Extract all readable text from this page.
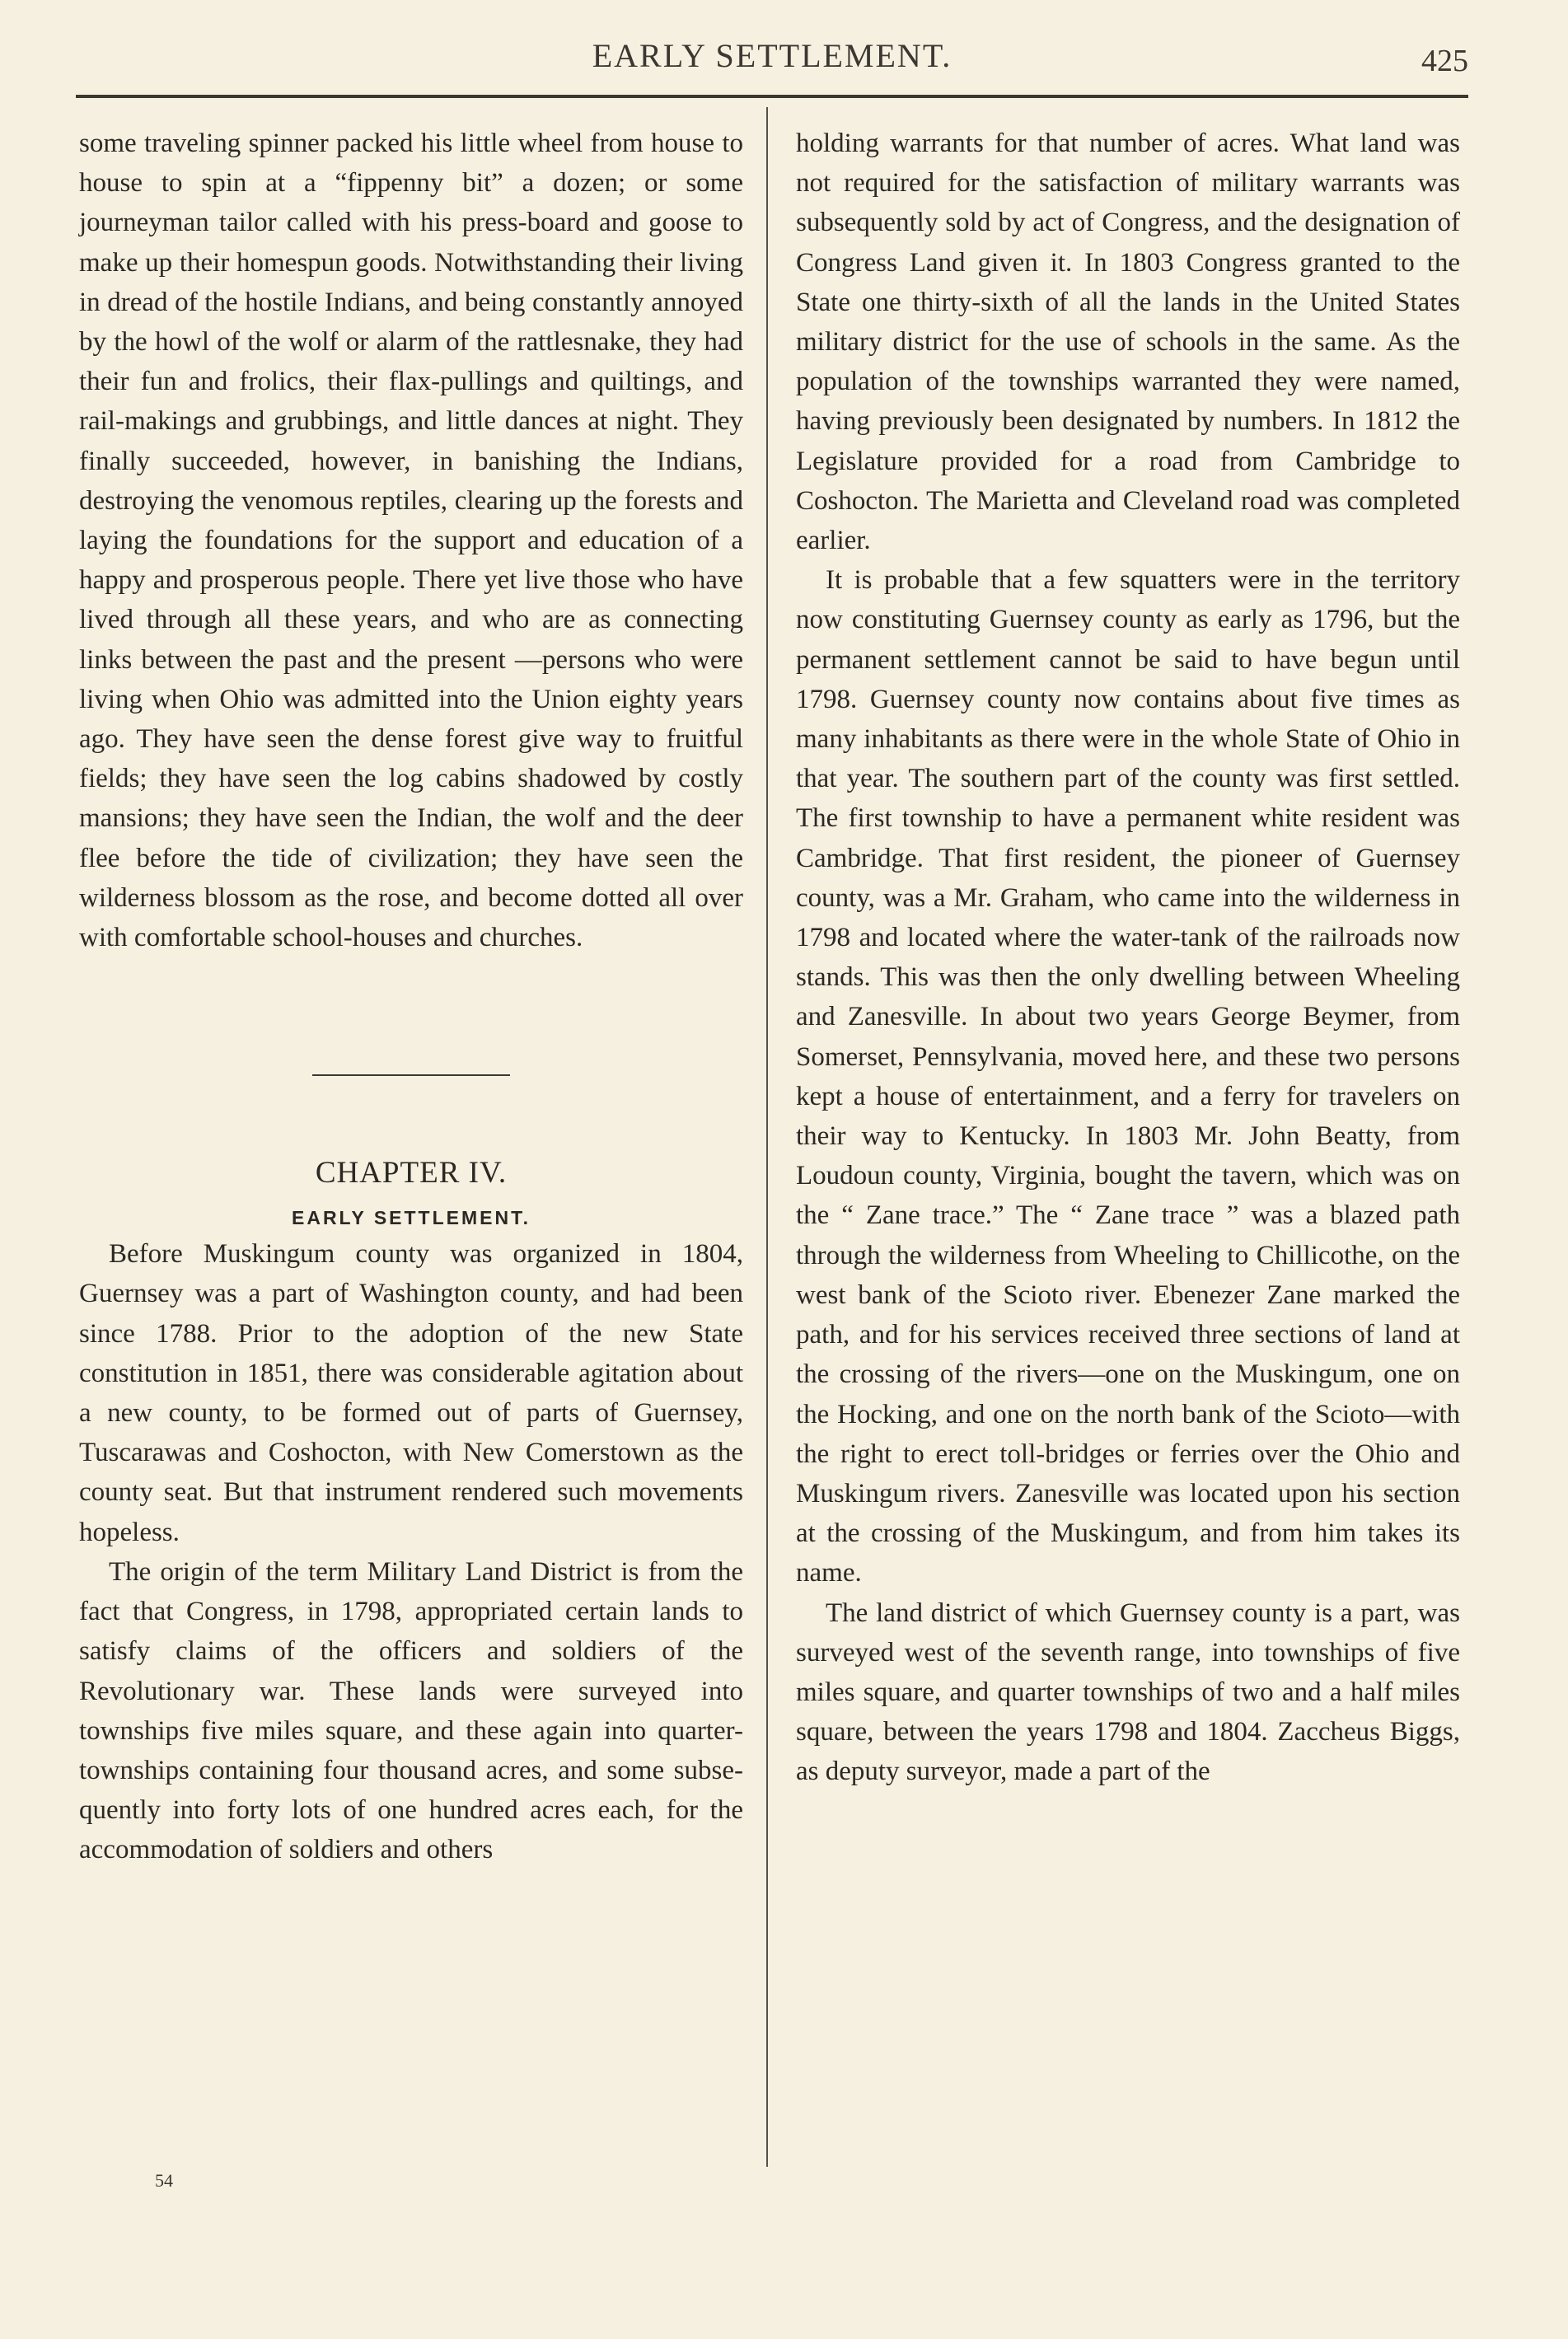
EARLY SETTLEMENT.	425

some traveling spinner packed his little wheel from house to house to spin at a “fippenny bit” a dozen; or some journeyman tailor called with his press-board and goose to make up their homespun goods. Notwithstanding their living in dread of the hostile Indians, and being constantly annoyed by the howl of the wolf or alarm of the rattlesnake, they had their fun and frolics, their flax-pullings and quiltings, and rail-makings and grubbings, and little dances at night. They finally succeeded, however, in banishing the Indians, destroying the venomous reptiles, clearing up the forests and laying the foundations for the support and education of a happy and prosperous people. There yet live those who have lived through all these years, and who are as connecting links between the past and the present —persons who were living when Ohio was admitted into the Union eighty years ago. They have seen the dense forest give way to fruitful fields; they have seen the log cabins shadowed by costly mansions; they have seen the Indian, the wolf and the deer flee before the tide of civilization; they have seen the wilderness blossom as the rose, and become dotted all over with comfortable school-houses and churches.

CHAPTER IV.
EARLY SETTLEMENT.

Before Muskingum county was organized in 1804, Guernsey was a part of Washington county, and had been since 1788. Prior to the adoption of the new State constitution in 1851, there was considerable agitation about a new county, to be formed out of parts of Guernsey, Tuscarawas and Coshocton, with New Comerstown as the county seat. But that instrument rendered such movements hopeless.

The origin of the term Military Land District is from the fact that Congress, in 1798, appropriated certain lands to satisfy claims of the officers and soldiers of the Revolutionary war. These lands were surveyed into townships five miles square, and these again into quarter-townships containing four thousand acres, and some subsequently into forty lots of one hundred acres each, for the accommodation of soldiers and others

54

holding warrants for that number of acres. What land was not required for the satisfaction of military warrants was subsequently sold by act of Congress, and the designation of Congress Land given it. In 1803 Congress granted to the State one thirty-sixth of all the lands in the United States military district for the use of schools in the same. As the population of the townships warranted they were named, having previously been designated by numbers. In 1812 the Legislature provided for a road from Cambridge to Coshocton. The Marietta and Cleveland road was completed earlier.

It is probable that a few squatters were in the territory now constituting Guernsey county as early as 1796, but the permanent settlement cannot be said to have begun until 1798. Guernsey county now contains about five times as many inhabitants as there were in the whole State of Ohio in that year. The southern part of the county was first settled. The first township to have a permanent white resident was Cambridge. That first resident, the pioneer of Guernsey county, was a Mr. Graham, who came into the wilderness in 1798 and located where the water-tank of the railroads now stands. This was then the only dwelling between Wheeling and Zanesville. In about two years George Beymer, from Somerset, Pennsylvania, moved here, and these two persons kept a house of entertainment, and a ferry for travelers on their way to Kentucky. In 1803 Mr. John Beatty, from Loudoun county, Virginia, bought the tavern, which was on the “ Zane trace.” The “ Zane trace ” was a blazed path through the wilderness from Wheeling to Chillicothe, on the west bank of the Scioto river. Ebenezer Zane marked the path, and for his services received three sections of land at the crossing of the rivers—one on the Muskingum, one on the Hocking, and one on the north bank of the Scioto—with the right to erect toll-bridges or ferries over the Ohio and Muskingum rivers. Zanesville was located upon his section at the crossing of the Muskingum, and from him takes its name.

The land district of which Guernsey county is a part, was surveyed west of the seventh range, into townships of five miles square, and quarter townships of two and a half miles square, between the years 1798 and 1804. Zaccheus Biggs, as deputy surveyor, made a part of the
